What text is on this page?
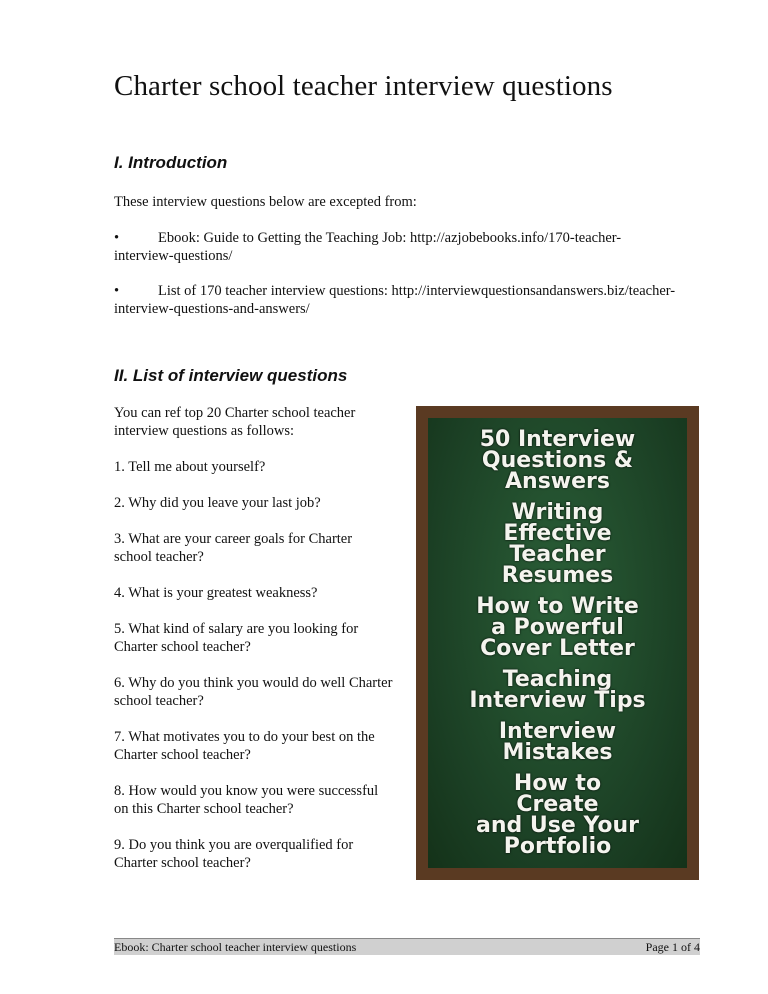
Charter school teacher interview questions
I. Introduction

These interview questions below are excepted from:

•	Ebook: Guide to Getting the Teaching Job: http://azjobebooks.info/170-teacher-
interview-questions/
•	List of 170 teacher interview questions: http://interviewquestionsandanswers.biz/teacher-
interview-questions-and-answers/
II. List of interview questions

You can ref top 20 Charter school teacher
interview questions as follows:

1. Tell me about yourself?

2. Why did you leave your last job?

3. What are your career goals for Charter
school teacher?

4. What is your greatest weakness?

5. What kind of salary are you looking for
Charter school teacher?

6. Why do you think you would do well Charter
school teacher?

7. What motivates you to do your best on the
Charter school teacher?

8. How would you know you were successful
on this Charter school teacher?

9. Do you think you are overqualified for
Charter school teacher?

50 Interview
Questions &
Answers
Writing
Effective
Teacher
Resumes
How to Write
a Powerful
Cover Letter
Teaching
Interview Tips
Interview
Mistakes
How to
Create
and Use Your
Portfolio
Ebook: Charter school teacher interview questions	Page 1 of 4
